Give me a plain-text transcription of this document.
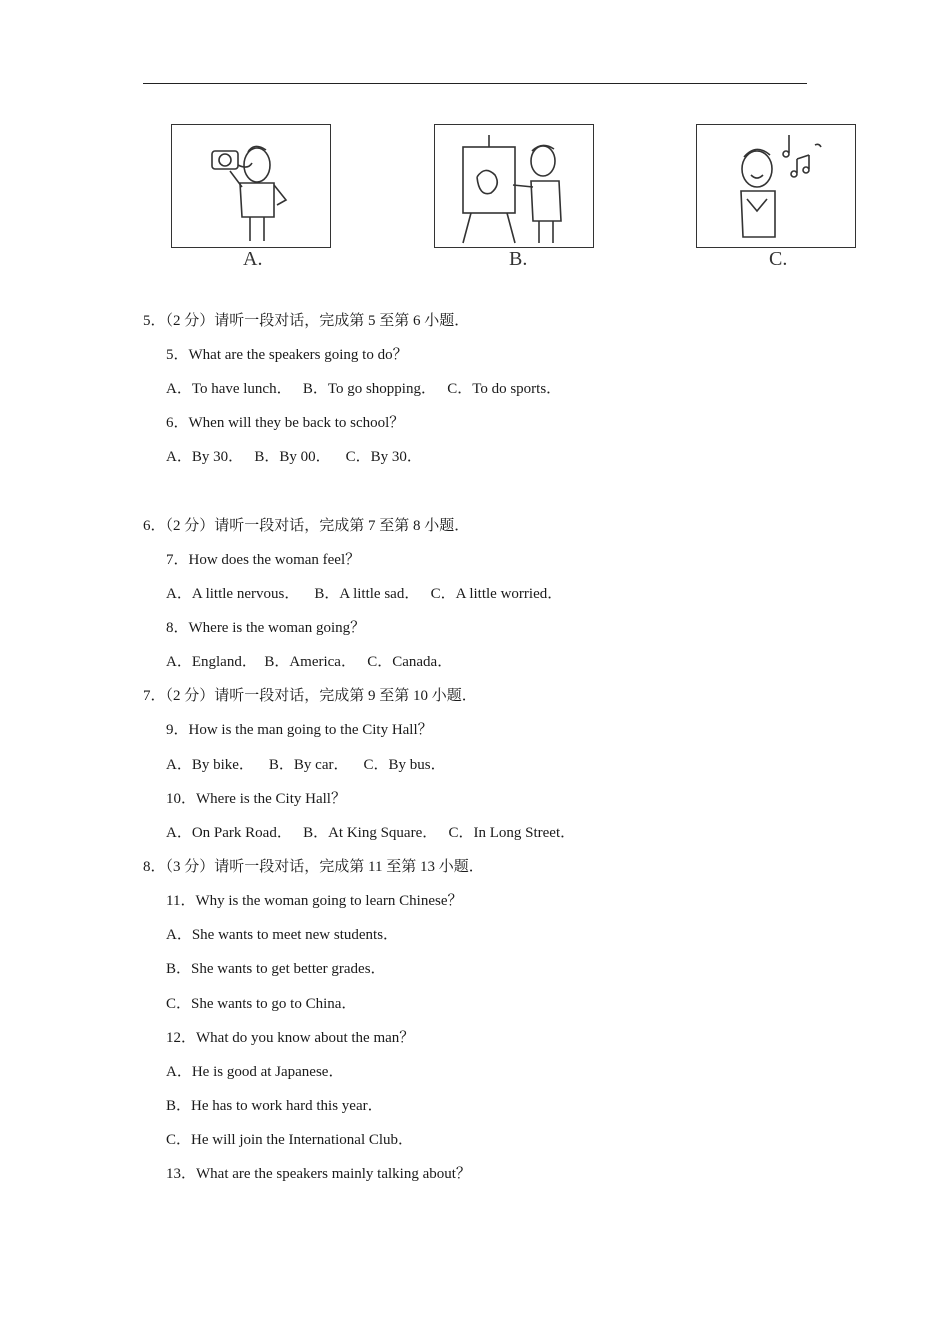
A.	B.	C.
5．（2 分）请听一段对话，完成第 5 至第 6 小题．
5．What are the speakers going to do？
A．To have lunch．   B．To go shopping．   C．To do sports．
6．When will they be back to school？
A．By 30．   B．By 00．    C．By 30．
6．（2 分）请听一段对话，完成第 7 至第 8 小题．
7．How does the woman feel？
A．A little nervous．    B．A little sad．   C．A little worried．
8．Where is the woman going？
A．England．  B．America．   C．Canada．
7．（2 分）请听一段对话，完成第 9 至第 10 小题．
9．How is the man going to the City Hall？
A．By bike．    B．By car．    C．By bus．
10．Where is the City Hall？
A．On Park Road．   B．At King Square．   C．In Long Street．
8．（3 分）请听一段对话，完成第 11 至第 13 小题．
11．Why is the woman going to learn Chinese？
A．She wants to meet new students．
B．She wants to get better grades．
C．She wants to go to China．
12．What do you know about the man？
A．He is good at Japanese．
B．He has to work hard this year．
C．He will join the International Club．
13．What are the speakers mainly talking about？
